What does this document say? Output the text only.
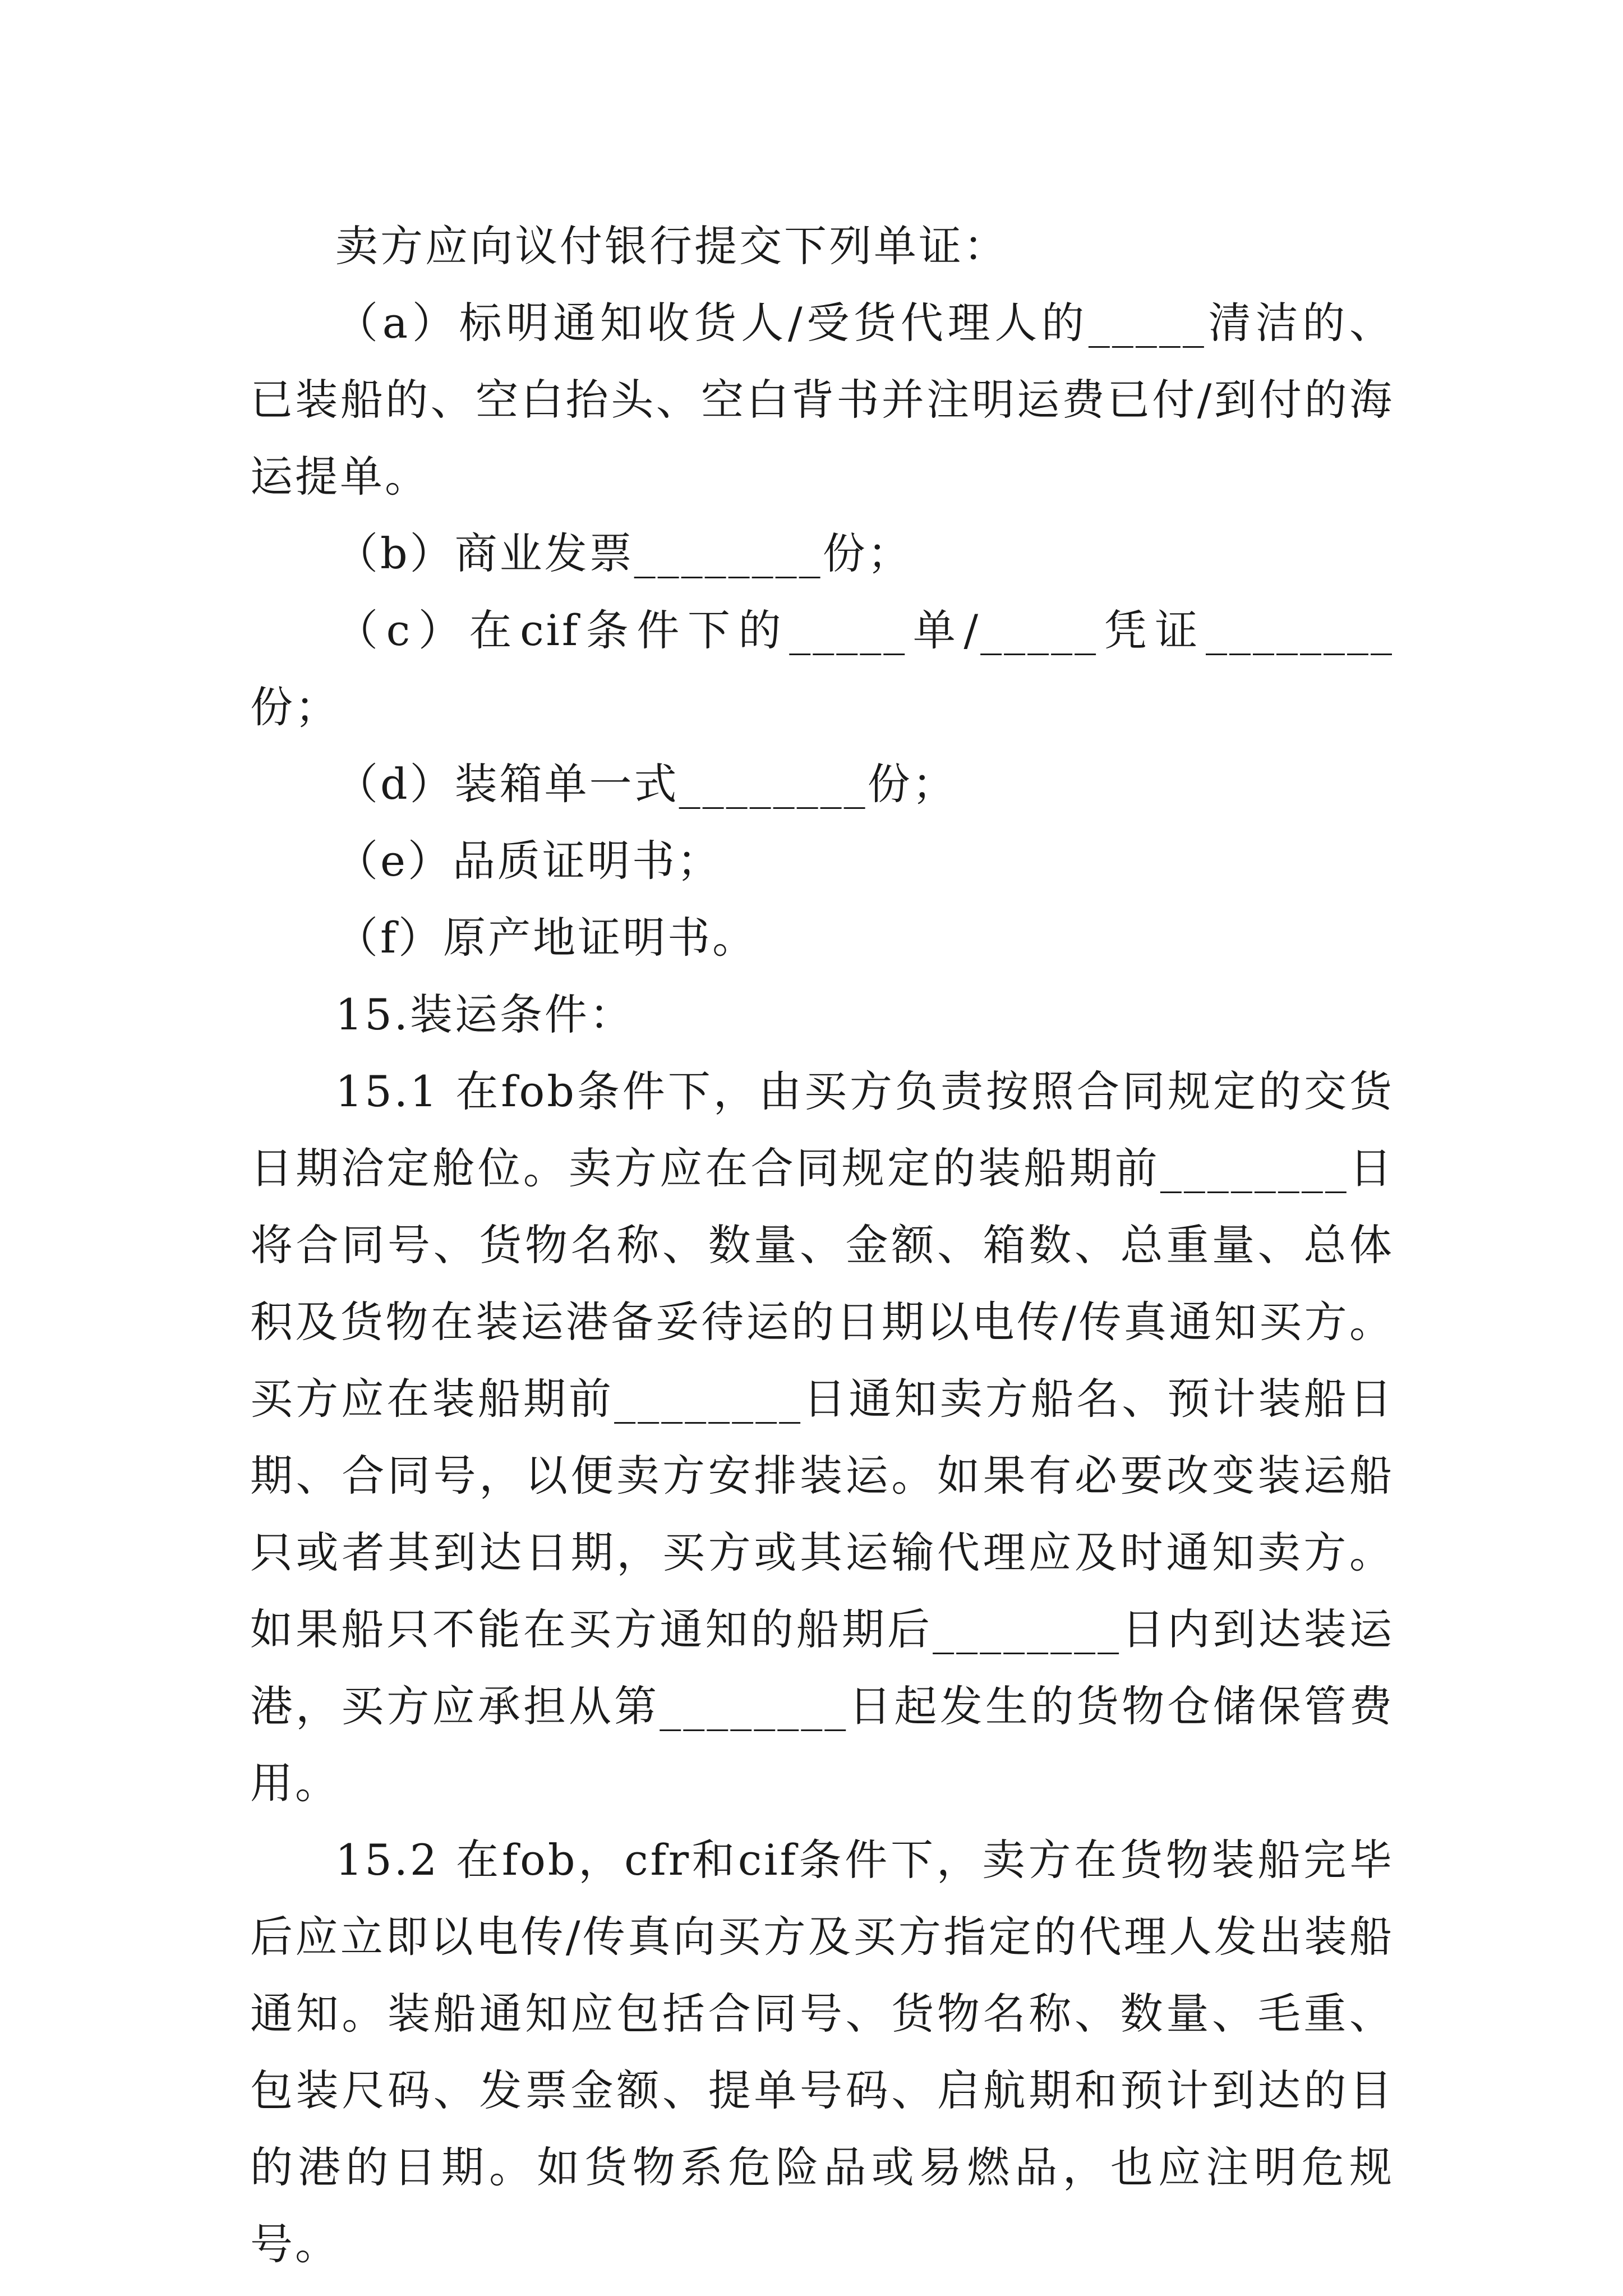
卖方应向议付银行提交下列单证：

（a）标明通知收货人/受货代理人的_____清洁的、已装船的、空白抬头、空白背书并注明运费已付/到付的海运提单。

（b）商业发票________份；

（c）在cif条件下的_____单/_____凭证________份；

（d）装箱单一式________份；

（e）品质证明书；

（f）原产地证明书。

15.装运条件：

15.1 在fob条件下，由买方负责按照合同规定的交货日期洽定舱位。卖方应在合同规定的装船期前________日将合同号、货物名称、数量、金额、箱数、总重量、总体积及货物在装运港备妥待运的日期以电传/传真通知买方。买方应在装船期前________日通知卖方船名、预计装船日期、合同号，以便卖方安排装运。如果有必要改变装运船只或者其到达日期，买方或其运输代理应及时通知卖方。如果船只不能在买方通知的船期后________日内到达装运港，买方应承担从第________日起发生的货物仓储保管费用。

15.2 在fob，cfr和cif条件下，卖方在货物装船完毕后应立即以电传/传真向买方及买方指定的代理人发出装船通知。装船通知应包括合同号、货物名称、数量、毛重、包装尺码、发票金额、提单号码、启航期和预计到达的目的港的日期。如货物系危险品或易燃品，也应注明危规号。
